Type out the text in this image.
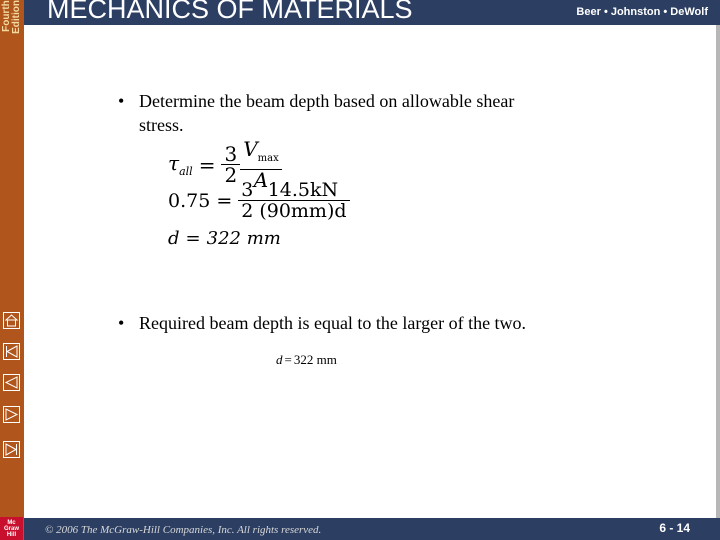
Fourth
Edition MECHANICS OF MATERIALS	Beer • Johnston • DeWolf
• Determine the beam depth based on allowable shear stress.
$\tau_{all} = \frac{3}{2} \frac{V_{max}}{A}$
$0.75 = \frac{3}{2} \frac{14.5kN}{(90mm)d}$
d = 322 mm
• Required beam depth is equal to the larger of the two.
d = 322 mm
© 2006 The McGraw-Hill Companies, Inc. All rights reserved.	6 - 14
Mc
Graw
Hill
